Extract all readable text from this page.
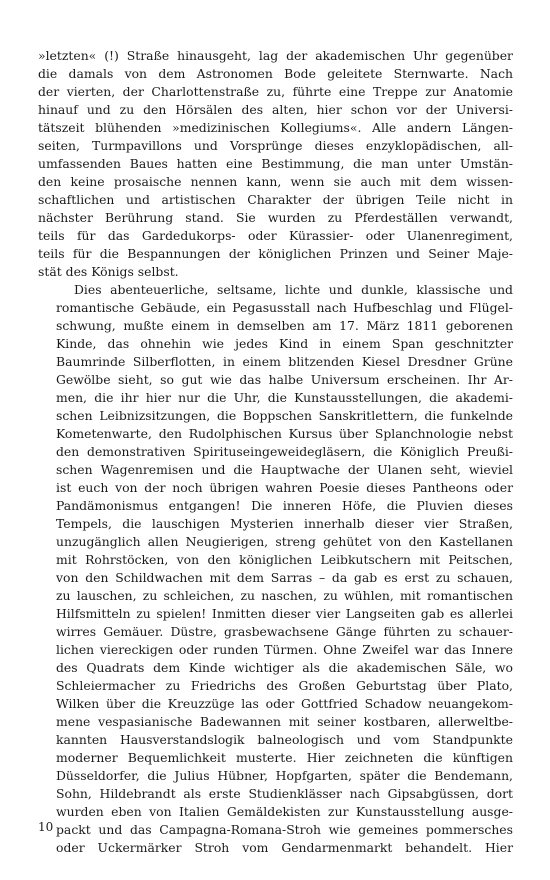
»letzten« (!) Straße hinausgeht, lag der akademischen Uhr gegenüber
die damals von dem Astronomen Bode geleitete Sternwarte. Nach
der vierten, der Charlottenstraße zu, führte eine Treppe zur Anatomie
hinauf und zu den Hörsälen des alten, hier schon vor der Universi-
tätszeit blühenden »medizinischen Kollegiums«. Alle andern Längen-
seiten, Turmpavillons und Vorsprünge dieses enzyklopädischen, all-
umfassenden Baues hatten eine Bestimmung, die man unter Umstän-
den keine prosaische nennen kann, wenn sie auch mit dem wissen-
schaftlichen und artistischen Charakter der übrigen Teile nicht in
nächster Berührung stand. Sie wurden zu Pferdeställen verwandt,
teils für das Gardedukorps- oder Kürassier- oder Ulanenregiment,
teils für die Bespannungen der königlichen Prinzen und Seiner Maje-
stät des Königs selbst.
Dies abenteuerliche, seltsame, lichte und dunkle, klassische und
romantische Gebäude, ein Pegasusstall nach Hufbeschlag und Flügel-
schwung, mußte einem in demselben am 17. März 1811 geborenen
Kinde, das ohnehin wie jedes Kind in einem Span geschnitzter
Baumrinde Silberflotten, in einem blitzenden Kiesel Dresdner Grüne
Gewölbe sieht, so gut wie das halbe Universum erscheinen. Ihr Ar-
men, die ihr hier nur die Uhr, die Kunstausstellungen, die akademi-
schen Leibnizsitzungen, die Boppschen Sanskritlettern, die funkelnde
Kometenwarte, den Rudolphischen Kursus über Splanchnologie nebst
den demonstrativen Spirituseingeweidegläsern, die Königlich Preußi-
schen Wagenremisen und die Hauptwache der Ulanen seht, wieviel
ist euch von der noch übrigen wahren Poesie dieses Pantheons oder
Pandämonismus entgangen! Die inneren Höfe, die Pluvien dieses
Tempels, die lauschigen Mysterien innerhalb dieser vier Straßen,
unzugänglich allen Neugierigen, streng gehütet von den Kastellanen
mit Rohrstöcken, von den königlichen Leibkutschern mit Peitschen,
von den Schildwachen mit dem Sarras – da gab es erst zu schauen,
zu lauschen, zu schleichen, zu naschen, zu wühlen, mit romantischen
Hilfsmitteln zu spielen! Inmitten dieser vier Langseiten gab es allerlei
wirres Gemäuer. Düstre, grasbewachsene Gänge führten zu schauer-
lichen viereckigen oder runden Türmen. Ohne Zweifel war das Innere
des Quadrats dem Kinde wichtiger als die akademischen Säle, wo
Schleiermacher zu Friedrichs des Großen Geburtstag über Plato,
Wilken über die Kreuzzüge las oder Gottfried Schadow neuangekom-
mene vespasianische Badewannen mit seiner kostbaren, allerweltbe-
kannten Hausverstandslogik balneologisch und vom Standpunkte
moderner Bequemlichkeit musterte. Hier zeichneten die künftigen
Düsseldorfer, die Julius Hübner, Hopfgarten, später die Bendemann,
Sohn, Hildebrandt als erste Studienklässer nach Gipsabgüssen, dort
wurden eben von Italien Gemäldekisten zur Kunstausstellung ausge-
packt und das Campagna-Romana-Stroh wie gemeines pommersches
oder Uckermärker Stroh vom Gendarmenmarkt behandelt. Hier
10
